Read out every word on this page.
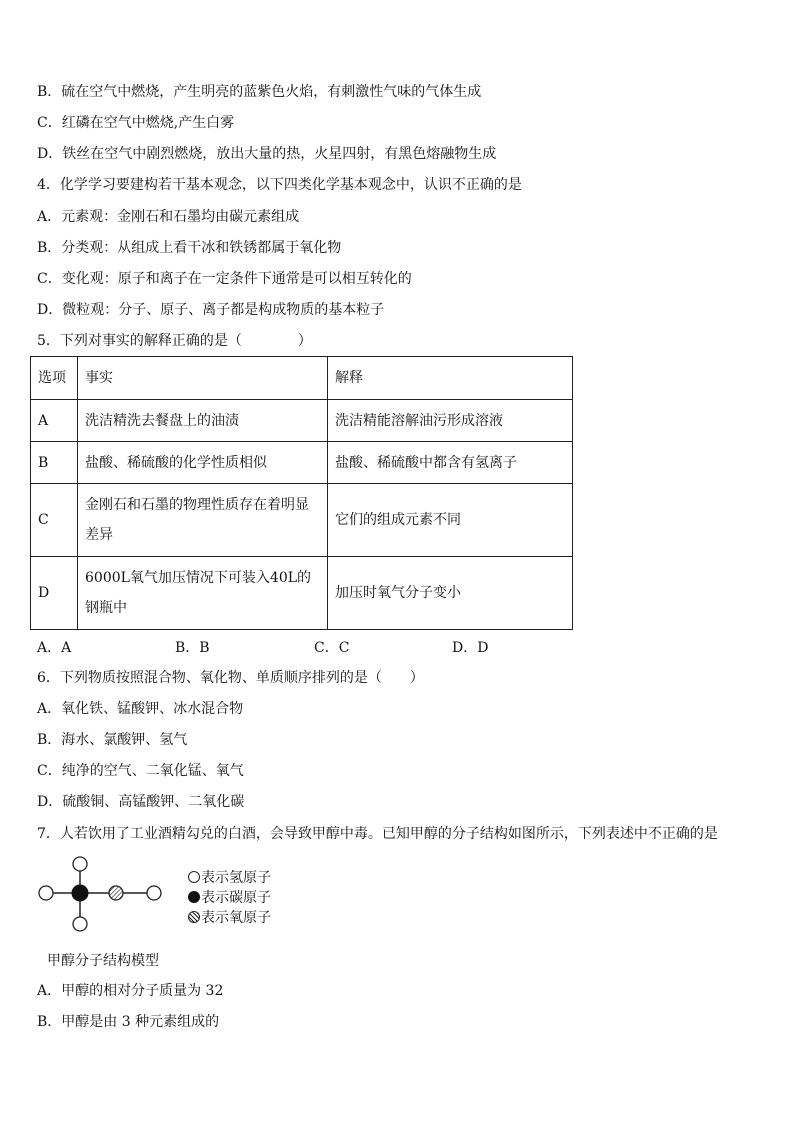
B．硫在空气中燃烧，产生明亮的蓝紫色火焰，有刺激性气味的气体生成
C．红磷在空气中燃烧,产生白雾
D．铁丝在空气中剧烈燃烧，放出大量的热，火星四射，有黑色熔融物生成
4．化学学习要建构若干基本观念，以下四类化学基本观念中，认识不正确的是
A．元素观：金刚石和石墨均由碳元素组成
B．分类观：从组成上看干冰和铁锈都属于氧化物
C．变化观：原子和离子在一定条件下通常是可以相互转化的
D．微粒观：分子、原子、离子都是构成物质的基本粒子
5．下列对事实的解释正确的是（　　　　）
选项	事实	解释
A	洗洁精洗去餐盘上的油渍	洗洁精能溶解油污形成溶液
B	盐酸、稀硫酸的化学性质相似	盐酸、稀硫酸中都含有氢离子
C	金刚石和石墨的物理性质存在着明显差异	它们的组成元素不同
D	6000L氧气加压情况下可装入40L的钢瓶中	加压时氧气分子变小
A．A	B．B	C．C	D．D
6．下列物质按照混合物、氧化物、单质顺序排列的是（　　）
A．氧化铁、锰酸钾、冰水混合物
B．海水、氯酸钾、氢气
C．纯净的空气、二氧化锰、氧气
D．硫酸铜、高锰酸钾、二氧化碳
7．人若饮用了工业酒精勾兑的白酒，会导致甲醇中毒。已知甲醇的分子结构如图所示，下列表述中不正确的是
表示氢原子
表示碳原子
表示氧原子
甲醇分子结构模型
A．甲醇的相对分子质量为 32
B．甲醇是由 3 种元素组成的
